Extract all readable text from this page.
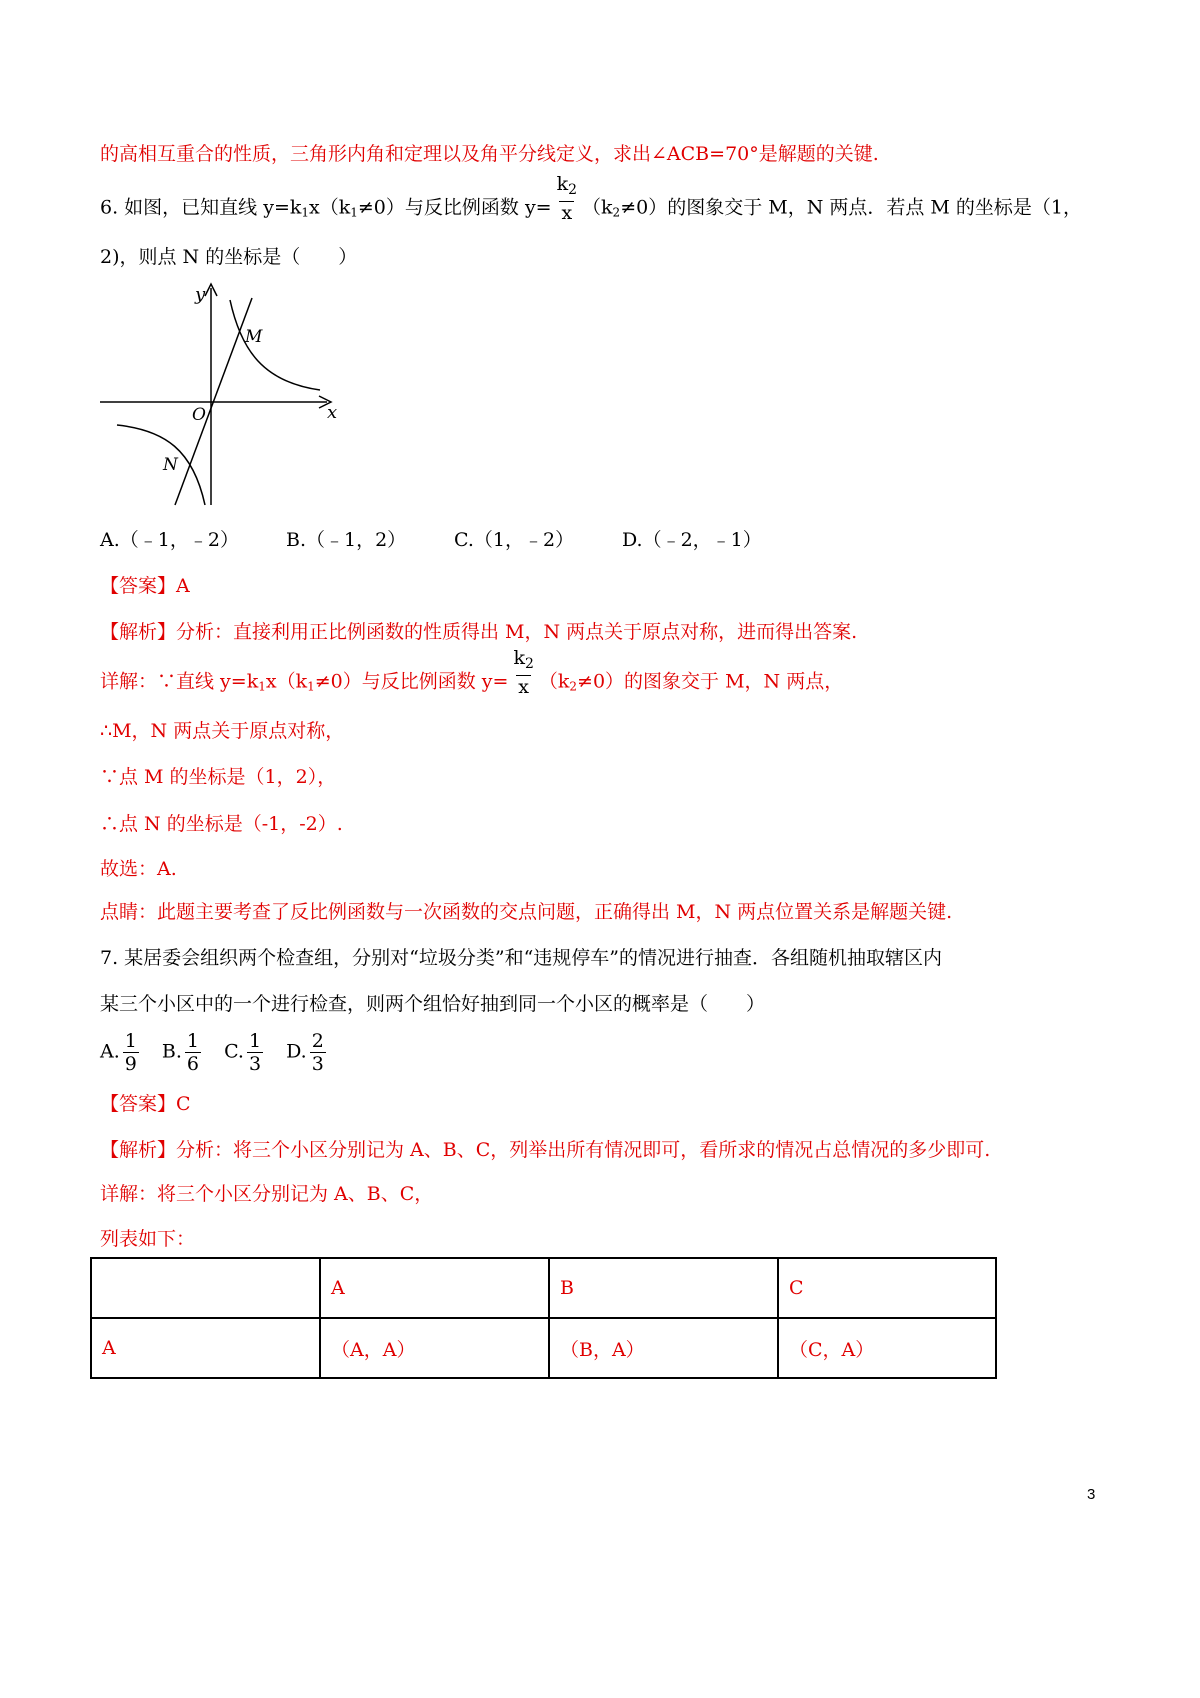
的高相互重合的性质，三角形内角和定理以及角平分线定义，求出∠ACB=70°是解题的关键.
6. 如图，已知直线 $y=k_1x(k_1\ne 0)$与反比例函数 $y= \frac{k_2}{x} (k_2\ne 0)$的图象交于 M，N 两点．若点 M 的坐标是（1，
2)，则点 N 的坐标是（　　）
y
x
O
M
N
A.（﹣1，﹣2） B.（﹣1，2）	C.（1，﹣2）	D.（﹣2，﹣1）
【答案】A
【解析】分析：直接利用正比例函数的性质得出 M，N 两点关于原点对称，进而得出答案.
详解：∵直线 $y=k_1x(k_1\ne 0)$与反比例函数 $y= \frac{k_2}{x} (k_2\ne 0)$的图象交于 M，N 两点，
∴M，N 两点关于原点对称，
∵点 M 的坐标是（1，2），
∴点 N 的坐标是（-1，-2）.
故选：A.
点睛：此题主要考查了反比例函数与一次函数的交点问题，正确得出 M，N 两点位置关系是解题关键.
7. 某居委会组织两个检查组，分别对“垃圾分类”和“违规停车”的情况进行抽查．各组随机抽取辖区内
某三个小区中的一个进行检查，则两个组恰好抽到同一个小区的概率是（　　）
A. $\frac{1}{9} B$. $\frac{1}{6} C$. $\frac{1}{3} D$. $\frac{2}{3}$
【答案】C
【解析】分析：将三个小区分别记为 A、B、C，列举出所有情况即可，看所求的情况占总情况的多少即可.
详解：将三个小区分别记为 A、B、C，
列表如下：
	A	B	C
A	（A，A）	（B，A）	（C，A）
3
